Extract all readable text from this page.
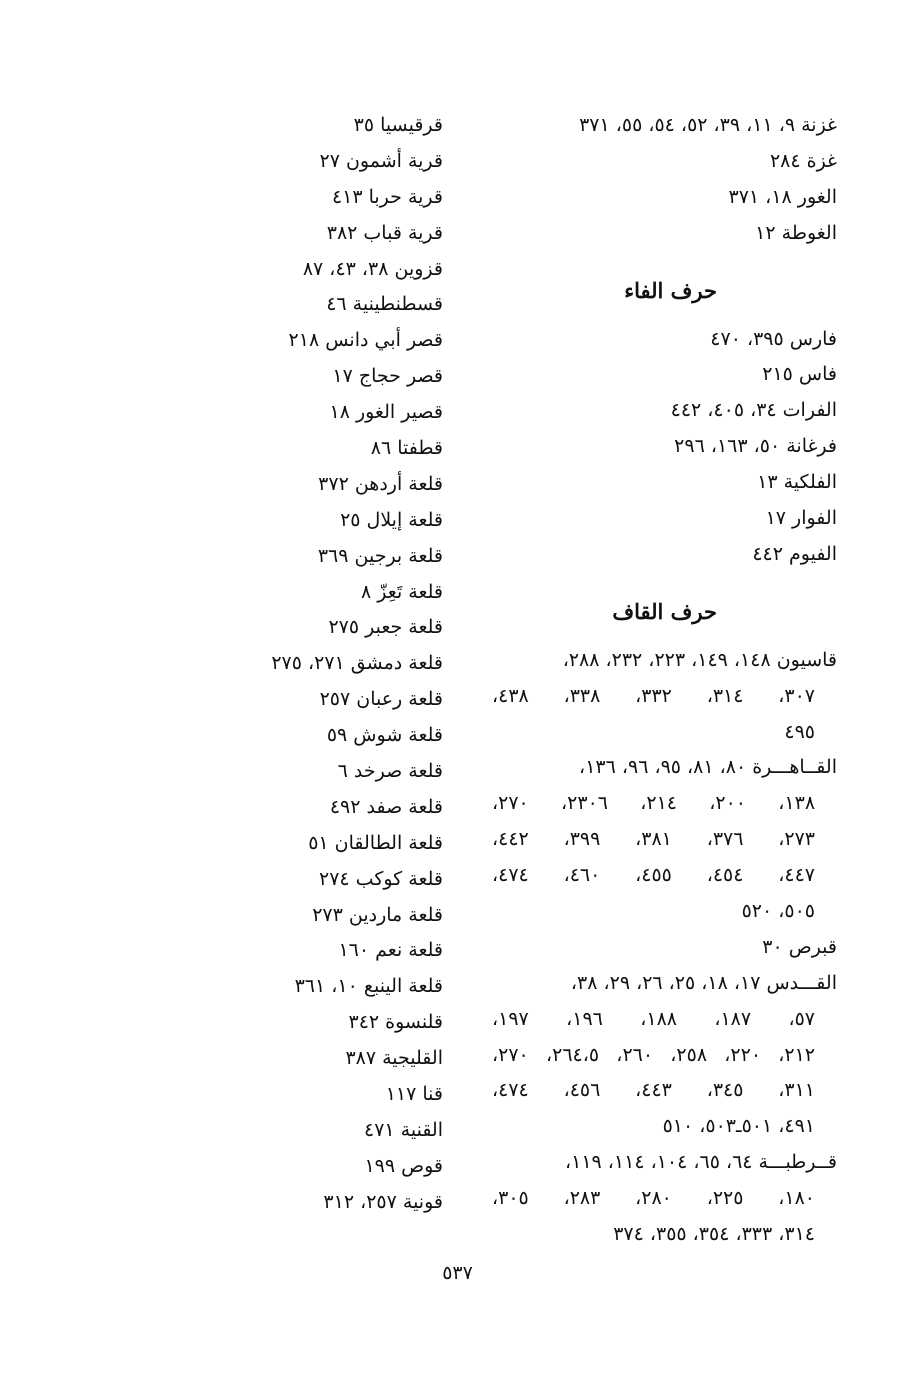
غزنة ٩، ١١، ٣٩، ٥٢، ٥٤، ٥٥، ٣٧١
غزة ٢٨٤
الغور ١٨، ٣٧١
الغوطة ١٢
حرف الفاء
فارس ٣٩٥، ٤٧٠
فاس ٢١٥
الفرات ٣٤، ٤٠٥، ٤٤٢
فرغانة ٥٠، ١٦٣، ٢٩٦
الفلكية ١٣
الفوار ١٧
الفيوم ٤٤٢
حرف القاف
قاسيون ١٤٨، ١٤٩، ٢٢٣، ٢٣٢، ٢٨٨،
٣٠٧، ٣١٤، ٣٣٢، ٣٣٨، ٤٣٨،
٤٩٥
القــاهـــرة ٨٠، ٨١، ٩٥، ٩٦، ١٣٦،
١٣٨، ٢٠٠، ٢١٤، ٢٣٠٦، ٢٧٠،
٢٧٣، ٣٧٦، ٣٨١، ٣٩٩، ٤٤٢،
٤٤٧، ٤٥٤، ٤٥٥، ٤٦٠، ٤٧٤،
٥٠٥، ٥٢٠
قبرص ٣٠
القـــدس ١٧، ١٨، ٢٥، ٢٦، ٢٩، ٣٨،
٥٧، ١٨٧، ١٨٨، ١٩٦، ١٩٧،
٢١٢، ٢٢٠، ٢٥٨، ٢٦٠، ٢٦٤،٥، ٢٧٠،
٣١١، ٣٤٥، ٤٤٣، ٤٥٦، ٤٧٤،
٤٩١، ٥٠١ـ٥٠٣، ٥١٠
قــرطبـــة ٦٤، ٦٥، ١٠٤، ١١٤، ١١٩،
١٨٠، ٢٢٥، ٢٨٠، ٢٨٣، ٣٠٥،
٣١٤، ٣٣٣، ٣٥٤، ٣٥٥، ٣٧٤
قرقيسيا ٣٥
قرية أشمون ٢٧
قرية حربا ٤١٣
قرية قباب ٣٨٢
قزوين ٣٨، ٤٣، ٨٧
قسطنطينية ٤٦
قصر أبي دانس ٢١٨
قصر حجاج ١٧
قصير الغور ١٨
قطفتا ٨٦
قلعة أردهن ٣٧٢
قلعة إيلال ٢٥
قلعة برجين ٣٦٩
قلعة تَعِزّ ٨
قلعة جعبر ٢٧٥
قلعة دمشق ٢٧١، ٢٧٥
قلعة رعبان ٢٥٧
قلعة شوش ٥٩
قلعة صرخد ٦
قلعة صفد ٤٩٢
قلعة الطالقان ٥١
قلعة كوكب ٢٧٤
قلعة ماردين ٢٧٣
قلعة نعم ١٦٠
قلعة الينبع ١٠، ٣٦١
قلنسوة ٣٤٢
القليجية ٣٨٧
قنا ١١٧
القنية ٤٧١
قوص ١٩٩
قونية ٢٥٧، ٣١٢
٥٣٧
